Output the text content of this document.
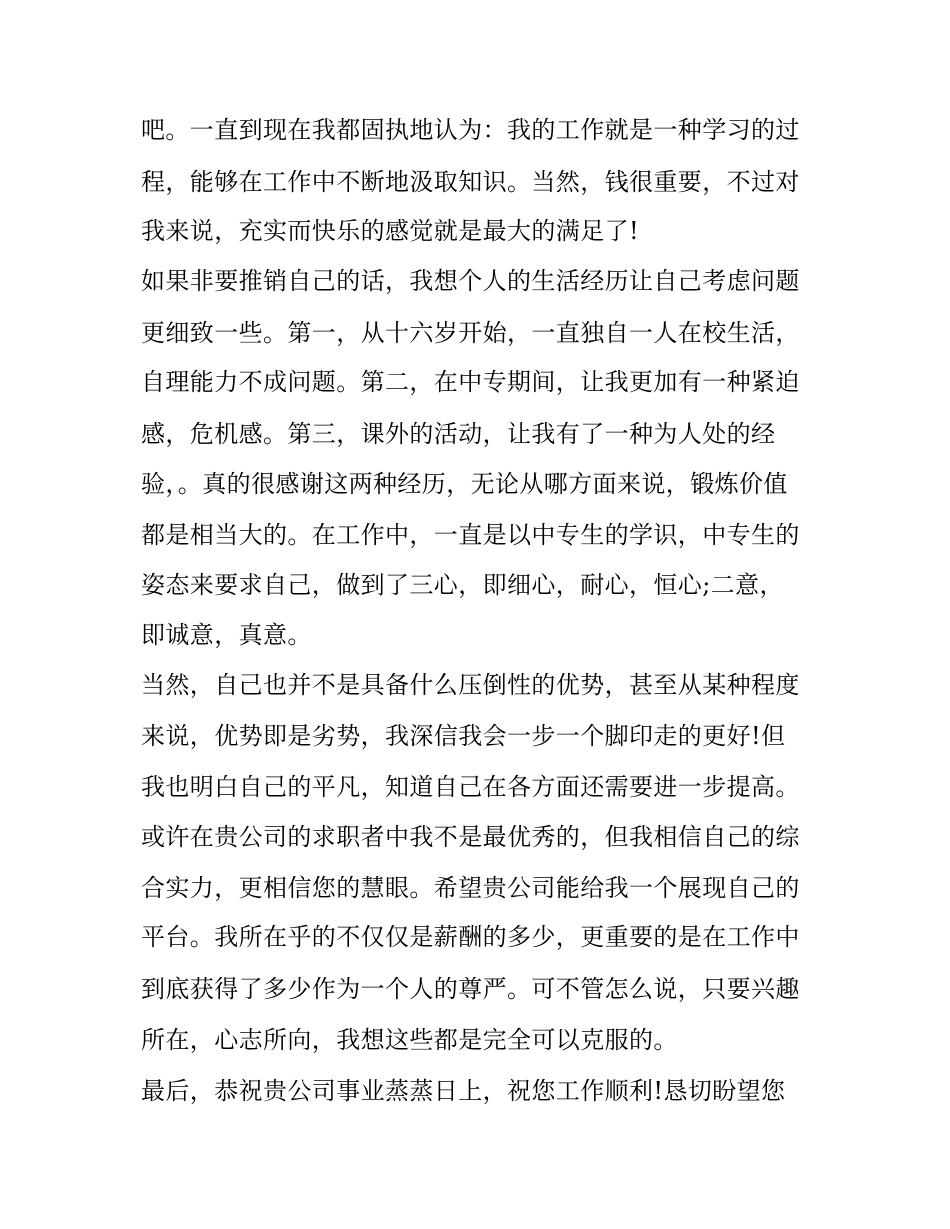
吧。一直到现在我都固执地认为：我的工作就是一种学习的过

程，能够在工作中不断地汲取知识。当然，钱很重要，不过对

我来说，充实而快乐的感觉就是最大的满足了!

如果非要推销自己的话，我想个人的生活经历让自己考虑问题

更细致一些。第一，从十六岁开始，一直独自一人在校生活，

自理能力不成问题。第二，在中专期间，让我更加有一种紧迫

感，危机感。第三，课外的活动，让我有了一种为人处的经

验，。真的很感谢这两种经历，无论从哪方面来说，锻炼价值

都是相当大的。在工作中，一直是以中专生的学识，中专生的

姿态来要求自己，做到了三心，即细心，耐心，恒心;二意，

即诚意，真意。

当然，自己也并不是具备什么压倒性的优势，甚至从某种程度

来说，优势即是劣势，我深信我会一步一个脚印走的更好!但

我也明白自己的平凡，知道自己在各方面还需要进一步提高。

或许在贵公司的求职者中我不是最优秀的，但我相信自己的综

合实力，更相信您的慧眼。希望贵公司能给我一个展现自己的

平台。我所在乎的不仅仅是薪酬的多少，更重要的是在工作中

到底获得了多少作为一个人的尊严。可不管怎么说，只要兴趣

所在，心志所向，我想这些都是完全可以克服的。

最后，恭祝贵公司事业蒸蒸日上，祝您工作顺利!恳切盼望您
